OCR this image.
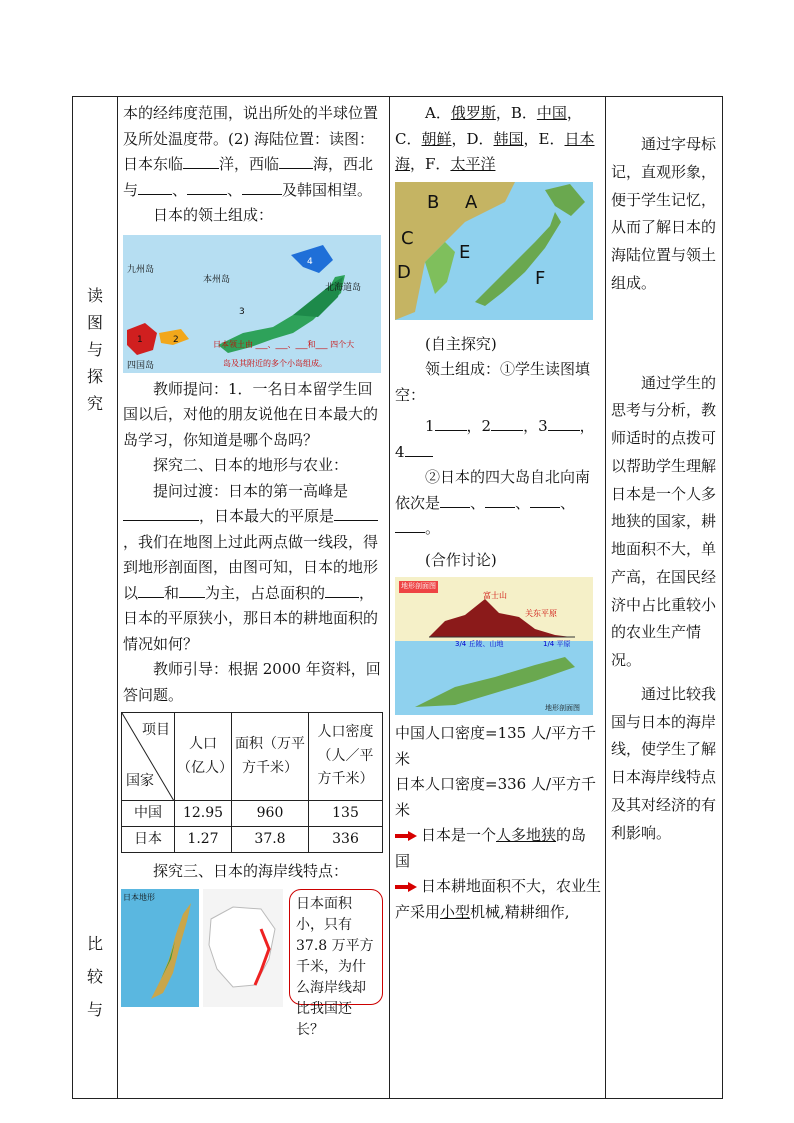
读
图
与
探
究
比
较
与

本的经纬度范围，说出所处的半球位置及所处温度带。(2) 海陆位置：读图：日本东临 洋，西临 海，西北与 、	、	及韩国相望。

日本的领土组成：

九州岛
本州岛
4
北海道岛
3
2
1
四国岛
日本领土由 ___、___、___和___ 四个大
岛及其附近的多个小岛组成。

教师提问：1．一名日本留学生回国以后，对他的朋友说他在日本最大的岛学习，你知道是哪个岛吗？

探究二、日本的地形与农业：

提问过渡：日本的第一高峰是，日本最大的平原是，我们在地图上过此两点做一线段，得到地形剖面图，由图可知，日本的地形以 和 为主，占总面积的 ，日本的平原狭小，那日本的耕地面积的情况如何？

教师引导：根据 2000 年资料，回答问题。

项目
国家	人口（亿人）	面积（万平方千米）	人口密度（人／平方千米）
中国	12.95	960	135
日本	1.27	37.8	336

探究三、日本的海岸线特点：

日本地形	日本面积小，只有 37.8 万平方千米，为什么海岸线却比我国还长？

A．俄罗斯，B．中国，C．朝鲜，D．韩国，E．日本海，F．太平洋

B A
C
E
D	F

(自主探究)

领土组成：①学生读图填空：

1 ，2 ，3 ，

4

②日本的四大岛自北向南依次是 、 、 、。

(合作讨论)

地形剖面图
富士山
关东平原
3/4 丘陵、山地	1/4 平原
地形剖面图

中国人口密度=135 人/平方千米

日本人口密度=336 人/平方千米

日本是一个人多地狭的岛国

日本耕地面积不大，农业生产采用小型机械,精耕细作,

通过字母标记，直观形象，便于学生记忆，从而了解日本的海陆位置与领土组成。

通过学生的思考与分析，教师适时的点拨可以帮助学生理解日本是一个人多地狭的国家，耕地面积不大，单产高，在国民经济中占比重较小的农业生产情况。

通过比较我国与日本的海岸线，使学生了解日本海岸线特点及其对经济的有利影响。
